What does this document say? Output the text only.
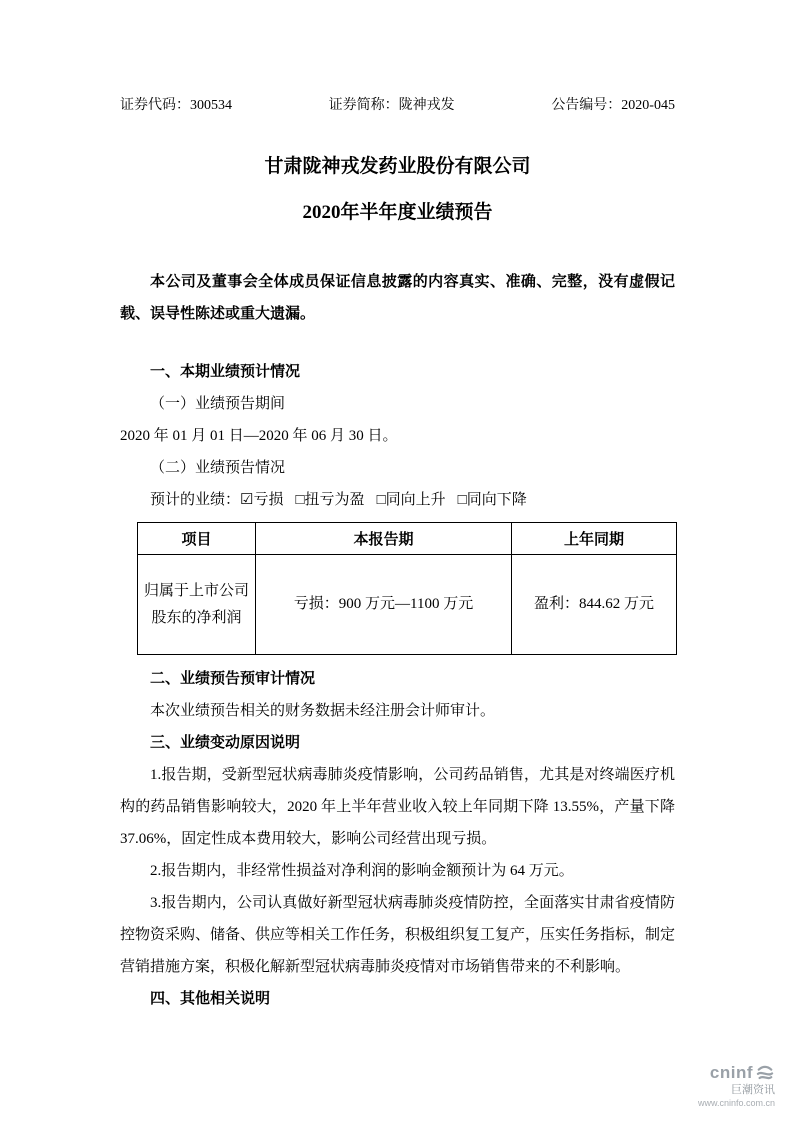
证券代码：300534	证券简称：陇神戎发	公告编号：2020-045
甘肃陇神戎发药业股份有限公司
2020年半年度业绩预告
本公司及董事会全体成员保证信息披露的内容真实、准确、完整，没有虚假记载、误导性陈述或重大遗漏。
一、本期业绩预计情况
（一）业绩预告期间
2020 年 01 月 01 日—2020 年 06 月 30 日。
（二）业绩预告情况
预计的业绩：☑亏损 □扭亏为盈 □同向上升 □同向下降
项目	本报告期	上年同期
归属于上市公司股东的净利润	亏损：900 万元—1100 万元	盈利：844.62 万元
二、业绩预告预审计情况
本次业绩预告相关的财务数据未经注册会计师审计。
三、业绩变动原因说明
1.报告期，受新型冠状病毒肺炎疫情影响，公司药品销售，尤其是对终端医疗机构的药品销售影响较大，2020 年上半年营业收入较上年同期下降 13.55%，产量下降 37.06%，固定性成本费用较大，影响公司经营出现亏损。
2.报告期内，非经常性损益对净利润的影响金额预计为 64 万元。
3.报告期内，公司认真做好新型冠状病毒肺炎疫情防控，全面落实甘肃省疫情防控物资采购、储备、供应等相关工作任务，积极组织复工复产，压实任务指标，制定营销措施方案，积极化解新型冠状病毒肺炎疫情对市场销售带来的不利影响。
四、其他相关说明
cninf
巨潮资讯
www.cninfo.com.cn
